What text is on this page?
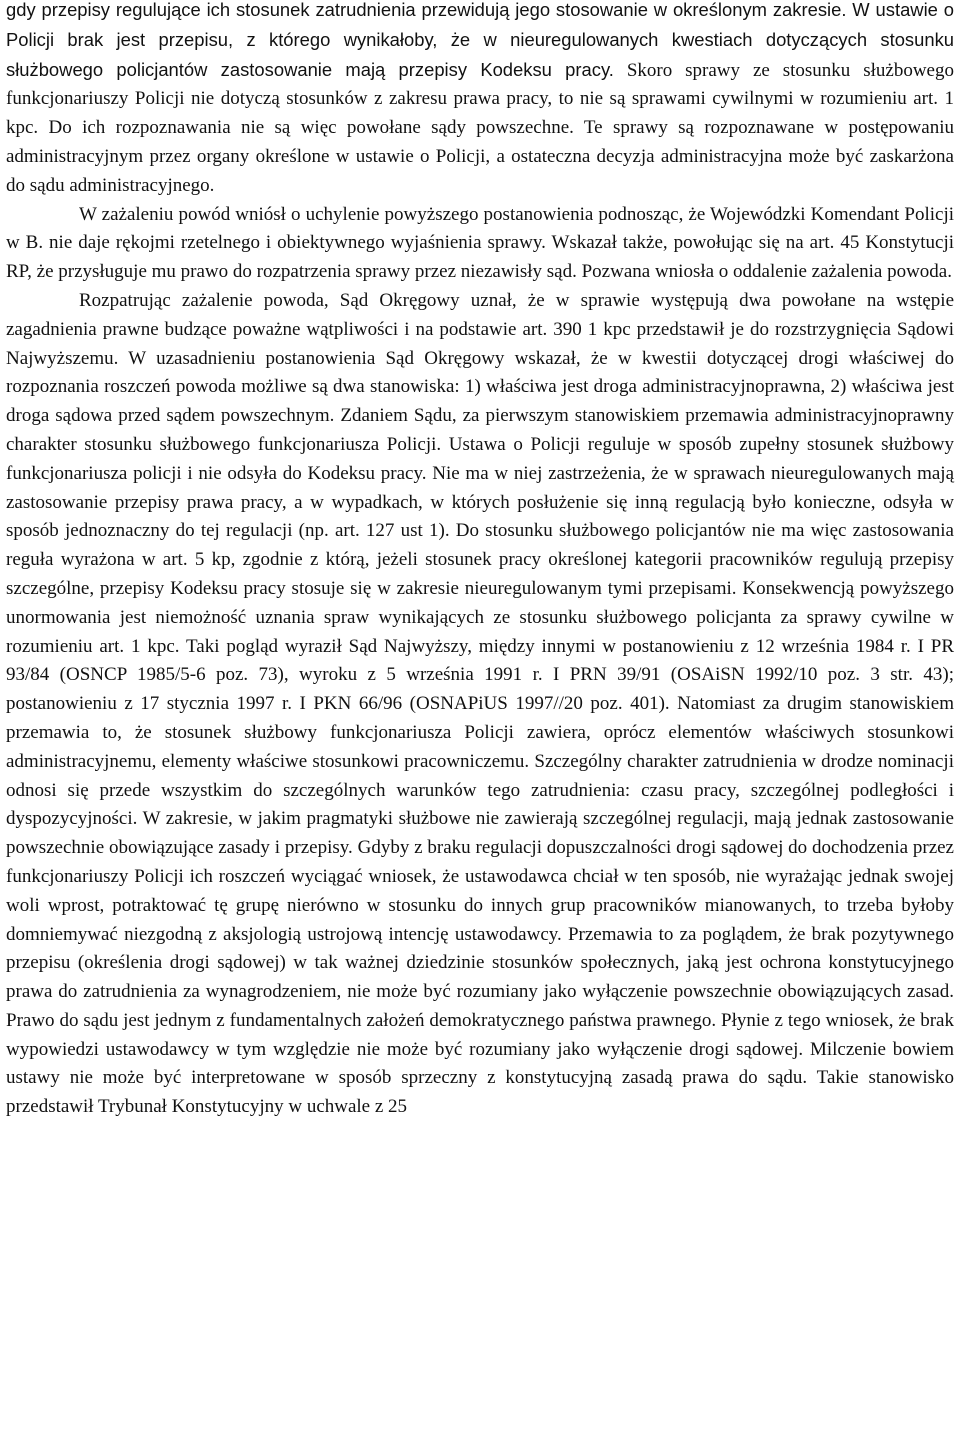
gdy przepisy regulujące ich stosunek zatrudnienia przewidują jego stosowanie w określonym zakresie. W ustawie o Policji brak jest przepisu, z którego wynikałoby, że w nieuregulowanych kwestiach dotyczących stosunku służbowego policjantów zastosowanie mają przepisy Kodeksu pracy. Skoro sprawy ze stosunku służbowego funkcjonariuszy Policji nie dotyczą stosunków z zakresu prawa pracy, to nie są sprawami cywilnymi w rozumieniu art. 1 kpc. Do ich rozpoznawania nie są więc powołane sądy powszechne. Te sprawy są rozpoznawane w postępowaniu administracyjnym przez organy określone w ustawie o Policji, a ostateczna decyzja administracyjna może być zaskarżona do sądu administracyjnego.

W zażaleniu powód wniósł o uchylenie powyższego postanowienia podnosząc, że Wojewódzki Komendant Policji w B. nie daje rękojmi rzetelnego i obiektywnego wyjaśnienia sprawy. Wskazał także, powołując się na art. 45 Konstytucji RP, że przysługuje mu prawo do rozpatrzenia sprawy przez niezawisły sąd. Pozwana wniosła o oddalenie zażalenia powoda.

Rozpatrując zażalenie powoda, Sąd Okręgowy uznał, że w sprawie występują dwa powołane na wstępie zagadnienia prawne budzące poważne wątpliwości i na podstawie art. 390 1 kpc przedstawił je do rozstrzygnięcia Sądowi Najwyższemu. W uzasadnieniu postanowienia Sąd Okręgowy wskazał, że w kwestii dotyczącej drogi właściwej do rozpoznania roszczeń powoda możliwe są dwa stanowiska: 1) właściwa jest droga administracyjnoprawna, 2) właściwa jest droga sądowa przed sądem powszechnym. Zdaniem Sądu, za pierwszym stanowiskiem przemawia administracyjnoprawny charakter stosunku służbowego funkcjonariusza Policji. Ustawa o Policji reguluje w sposób zupełny stosunek służbowy funkcjonariusza policji i nie odsyła do Kodeksu pracy. Nie ma w niej zastrzeżenia, że w sprawach nieuregulowanych mają zastosowanie przepisy prawa pracy, a w wypadkach, w których posłużenie się inną regulacją było konieczne, odsyła w sposób jednoznaczny do tej regulacji (np. art. 127 ust 1). Do stosunku służbowego policjantów nie ma więc zastosowania reguła wyrażona w art. 5 kp, zgodnie z którą, jeżeli stosunek pracy określonej kategorii pracowników regulują przepisy szczególne, przepisy Kodeksu pracy stosuje się w zakresie nieuregulowanym tymi przepisami. Konsekwencją powyższego unormowania jest niemożność uznania spraw wynikających ze stosunku służbowego policjanta za sprawy cywilne w rozumieniu art. 1 kpc. Taki pogląd wyraził Sąd Najwyższy, między innymi w postanowieniu z 12 września 1984 r. I PR 93/84 (OSNCP 1985/5-6 poz. 73), wyroku z 5 września 1991 r. I PRN 39/91 (OSAiSN 1992/10 poz. 3 str. 43); postanowieniu z 17 stycznia 1997 r. I PKN 66/96 (OSNAPiUS 1997//20 poz. 401). Natomiast za drugim stanowiskiem przemawia to, że stosunek służbowy funkcjonariusza Policji zawiera, oprócz elementów właściwych stosunkowi administracyjnemu, elementy właściwe stosunkowi pracowniczemu. Szczególny charakter zatrudnienia w drodze nominacji odnosi się przede wszystkim do szczególnych warunków tego zatrudnienia: czasu pracy, szczególnej podległości i dyspozycyjności. W zakresie, w jakim pragmatyki służbowe nie zawierają szczególnej regulacji, mają jednak zastosowanie powszechnie obowiązujące zasady i przepisy. Gdyby z braku regulacji dopuszczalności drogi sądowej do dochodzenia przez funkcjonariuszy Policji ich roszczeń wyciągać wniosek, że ustawodawca chciał w ten sposób, nie wyrażając jednak swojej woli wprost, potraktować tę grupę nierówno w stosunku do innych grup pracowników mianowanych, to trzeba byłoby domniemywać niezgodną z aksjologią ustrojową intencję ustawodawcy. Przemawia to za poglądem, że brak pozytywnego przepisu (określenia drogi sądowej) w tak ważnej dziedzinie stosunków społecznych, jaką jest ochrona konstytucyjnego prawa do zatrudnienia za wynagrodzeniem, nie może być rozumiany jako wyłączenie powszechnie obowiązujących zasad. Prawo do sądu jest jednym z fundamentalnych założeń demokratycznego państwa prawnego. Płynie z tego wniosek, że brak wypowiedzi ustawodawcy w tym względzie nie może być rozumiany jako wyłączenie drogi sądowej. Milczenie bowiem ustawy nie może być interpretowane w sposób sprzeczny z konstytucyjną zasadą prawa do sądu. Takie stanowisko przedstawił Trybunał Konstytucyjny w uchwale z 25
